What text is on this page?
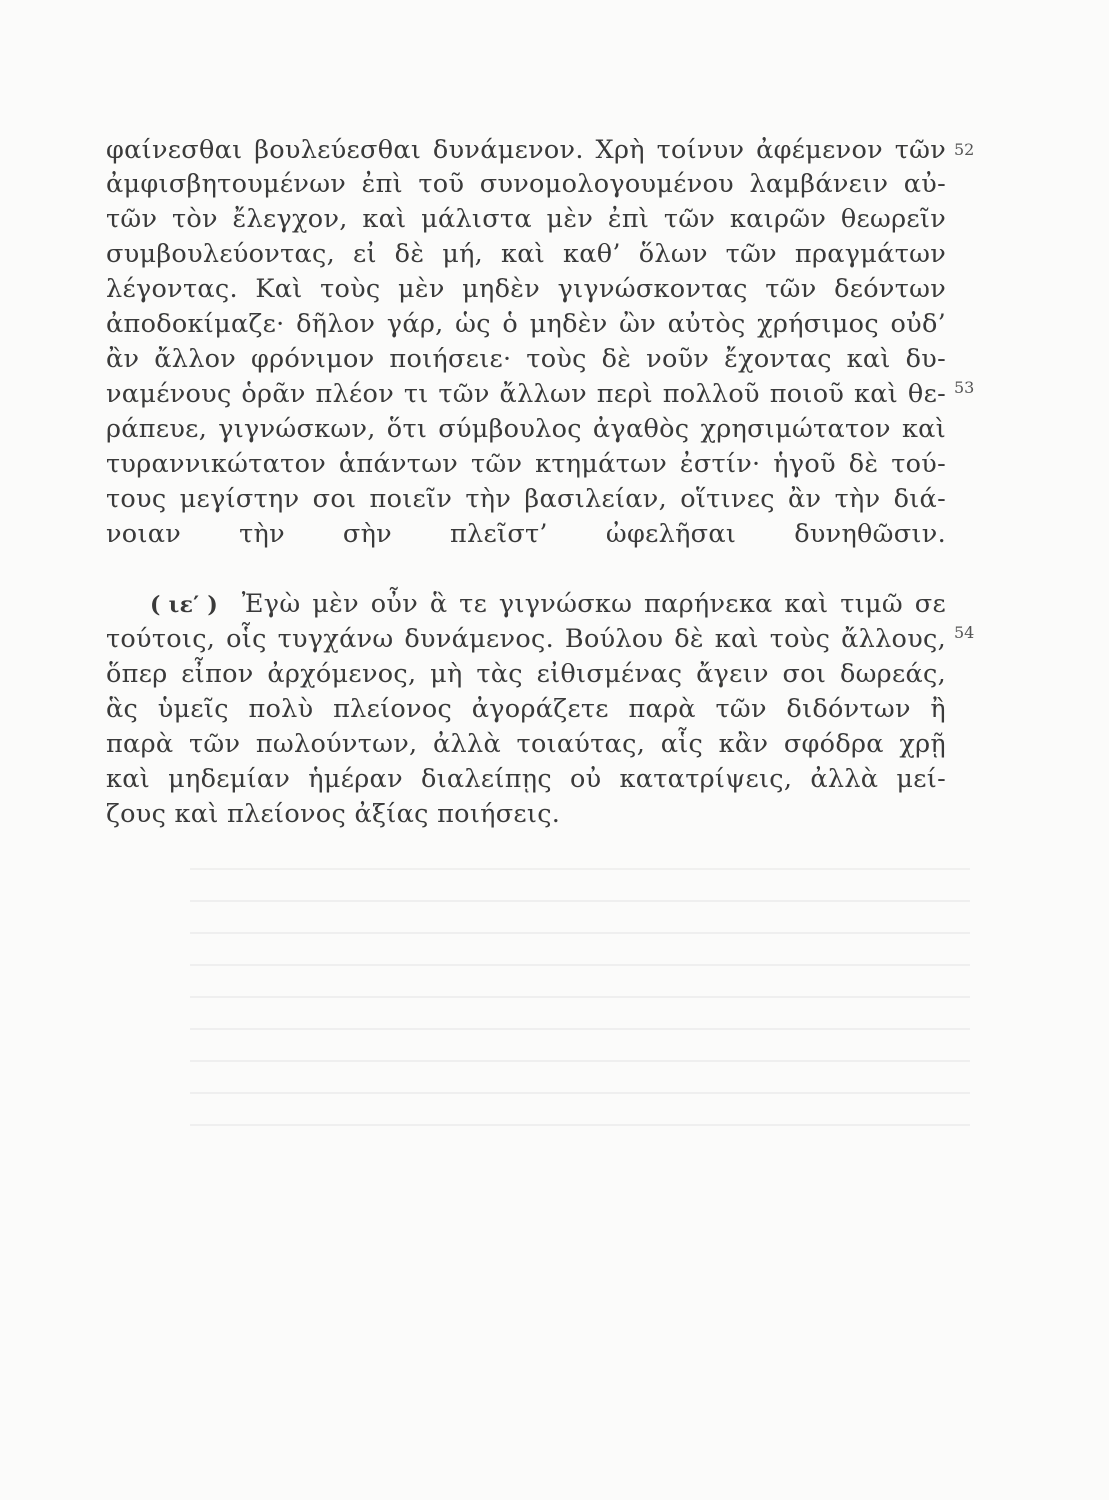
φαίνεσθαι βουλεύεσθαι δυνάμενον. Χρὴ τοίνυν ἀφέμενον τῶν
ἀμφισβητουμένων ἐπὶ τοῦ συνομολογουμένου λαμβάνειν αὐ-
τῶν τὸν ἔλεγχον, καὶ μάλιστα μὲν ἐπὶ τῶν καιρῶν θεωρεῖν
συμβουλεύοντας, εἰ δὲ μή, καὶ καθ’ ὅλων τῶν πραγμάτων
λέγοντας. Καὶ τοὺς μὲν μηδὲν γιγνώσκοντας τῶν δεόντων
ἀποδοκίμαζε· δῆλον γάρ, ὡς ὁ μηδὲν ὢν αὐτὸς χρήσιμος οὐδ’
ἂν ἄλλον φρόνιμον ποιήσειε· τοὺς δὲ νοῦν ἔχοντας καὶ δυ-
ναμένους ὁρᾶν πλέον τι τῶν ἄλλων περὶ πολλοῦ ποιοῦ καὶ θε-
ράπευε, γιγνώσκων, ὅτι σύμβουλος ἀγαθὸς χρησιμώτατον καὶ
τυραννικώτατον ἁπάντων τῶν κτημάτων ἐστίν· ἡγοῦ δὲ τού-
τους μεγίστην σοι ποιεῖν τὴν βασιλείαν, οἵτινες ἂν τὴν διά-
νοιαν τὴν σὴν πλεῖστ’ ὠφελῆσαι δυνηθῶσιν.
( ιε′ ) Ἐγὼ μὲν οὖν ἃ τε γιγνώσκω παρήνεκα καὶ τιμῶ σε
τούτοις, οἷς τυγχάνω δυνάμενος. Βούλου δὲ καὶ τοὺς ἄλλους,
ὅπερ εἶπον ἀρχόμενος, μὴ τὰς εἰθισμένας ἄγειν σοι δωρεάς,
ἃς ὑμεῖς πολὺ πλείονος ἀγοράζετε παρὰ τῶν διδόντων ἢ
παρὰ τῶν πωλούντων, ἀλλὰ τοιαύτας, αἷς κἂν σφόδρα χρῇ
καὶ μηδεμίαν ἡμέραν διαλείπῃς οὐ κατατρίψεις, ἀλλὰ μεί-
ζους καὶ πλείονος ἀξίας ποιήσεις.
52
53
54
